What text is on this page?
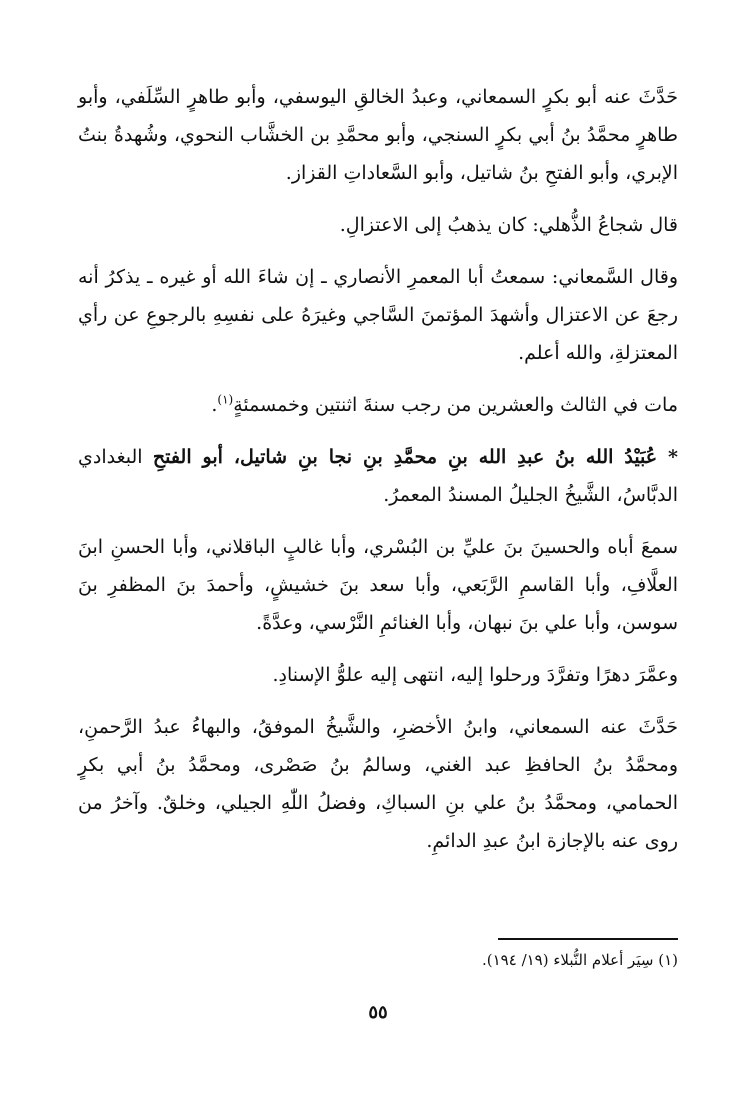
حَدَّثَ عنه أبو بكرٍ السمعاني، وعبدُ الخالقِ اليوسفي، وأبو طاهرٍ السِّلَفي، وأبو طاهرٍ محمَّدُ بنُ أبي بكرٍ السنجي، وأبو محمَّدِ بن الخشَّاب النحوي، وشُهدةُ بنتُ الإبري، وأبو الفتحِ بنُ شاتيل، وأبو السَّعاداتِ القزاز.

قال شجاعُ الذُّهلي: كان يذهبُ إلى الاعتزالِ.

وقال السَّمعاني: سمعتُ أبا المعمرِ الأنصاري ـ إن شاءَ الله أو غيره ـ يذكرُ أنه رجعَ عن الاعتزال وأشهدَ المؤتمنَ السَّاجي وغيرَهُ على نفسِهِ بالرجوعِ عن رأي المعتزلةِ، والله أعلم.

مات في الثالث والعشرين من رجب سنةَ اثنتين وخمسمئةٍ$^{(١)}$.

* عُبَيْدُ الله بنُ عبدِ الله بنِ محمَّدِ بنِ نجا بنِ شاتيل، أبو الفتحِ البغدادي الدبَّاسُ، الشَّيخُ الجليلُ المسندُ المعمرُ.

سمعَ أباه والحسينَ بنَ عليِّ بن البُسْري، وأبا غالبٍ الباقلاني، وأبا الحسنِ ابنَ العلَّافِ، وأبا القاسمِ الرَّبَعي، وأبا سعد بنَ خشيشٍ، وأحمدَ بنَ المظفرِ بنَ سوسن، وأبا علي بنَ نبهان، وأبا الغنائمِ النَّرْسي، وعدَّةً.

وعمَّرَ دهرًا وتفرَّدَ ورحلوا إليه، انتهى إليه علوُّ الإسنادِ.

حَدَّثَ عنه السمعاني، وابنُ الأخضرِ، والشَّيخُ الموفقُ، والبهاءُ عبدُ الرَّحمنِ، ومحمَّدُ بنُ الحافظِ عبد الغني، وسالمُ بنُ صَصْرى، ومحمَّدُ بنُ أبي بكرٍ الحمامي، ومحمَّدُ بنُ علي بنِ السباكِ، وفضلُ اللّٰهِ الجيلي، وخلقٌ. وآخرُ من روى عنه بالإجازة ابنُ عبدِ الدائمِ.

(١) سِيَر أعلام النُّبلاء (١٩/ ١٩٤).
٥٥
